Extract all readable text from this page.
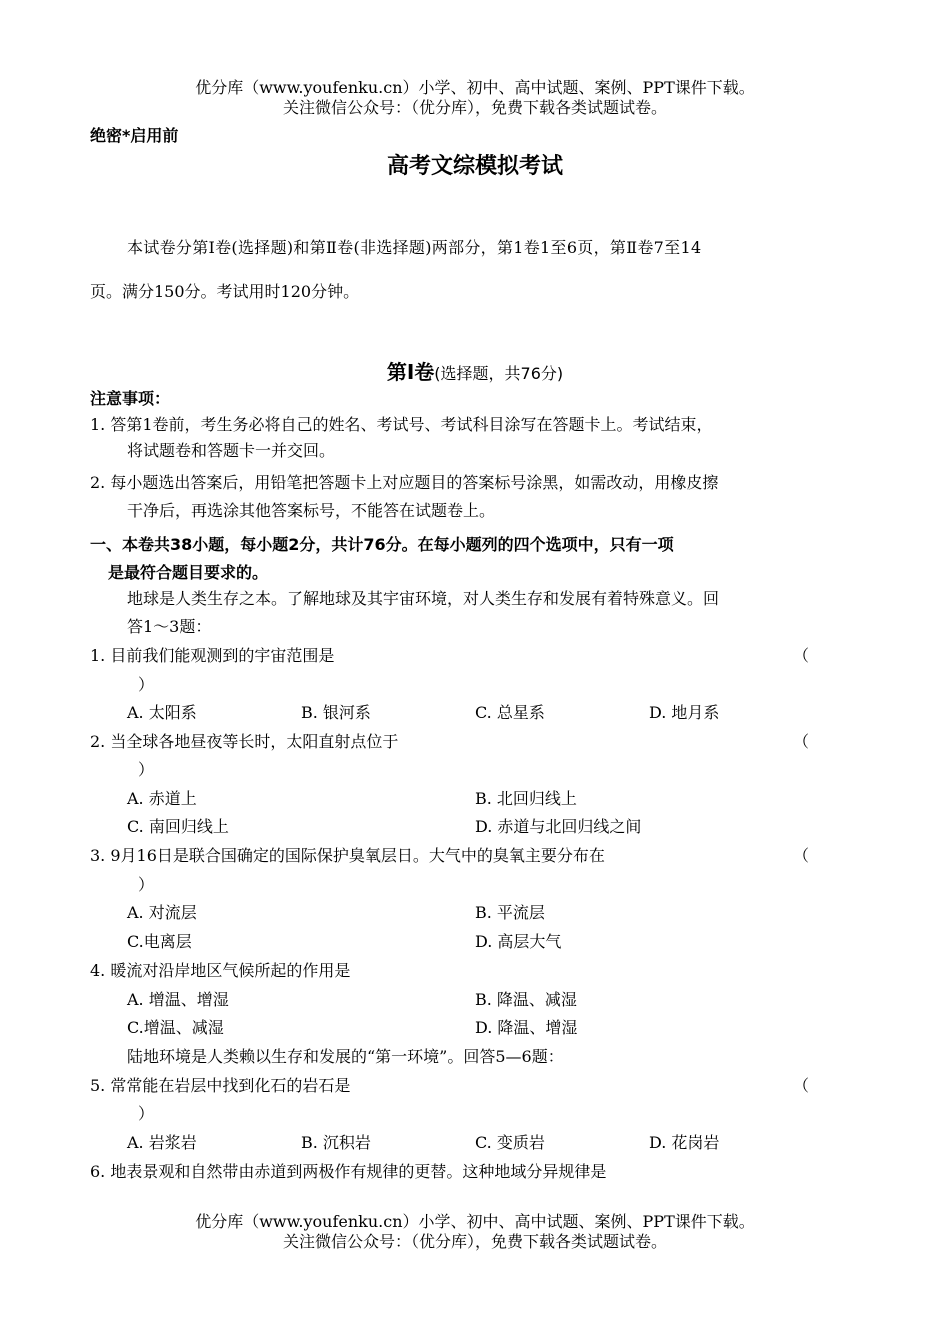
优分库（www.youfenku.cn）小学、初中、高中试题、案例、PPT课件下载。
关注微信公众号：（优分库），免费下载各类试题试卷。
绝密*启用前
高考文综模拟考试
本试卷分第Ⅰ卷(选择题)和第Ⅱ卷(非选择题)两部分，第1卷1至6页，第Ⅱ卷7至14
页。满分150分。考试用时120分钟。
第Ⅰ卷(选择题，共76分)
注意事项：
1. 答第1卷前，考生务必将自己的姓名、考试号、考试科目涂写在答题卡上。考试结束，
将试题卷和答题卡一并交回。
2. 每小题选出答案后，用铅笔把答题卡上对应题目的答案标号涂黑，如需改动，用橡皮擦
干净后，再选涂其他答案标号，不能答在试题卷上。
一、本卷共38小题，每小题2分，共计76分。在每小题列的四个选项中，只有一项
是最符合题目要求的。
地球是人类生存之本。了解地球及其宇宙环境，对人类生存和发展有着特殊意义。回
答1～3题：
1. 目前我们能观测到的宇宙范围是	（
）
A. 太阳系	B. 银河系	C. 总星系	D. 地月系
2. 当全球各地昼夜等长时，太阳直射点位于	（
）
A. 赤道上	B. 北回归线上
C. 南回归线上	D. 赤道与北回归线之间
3. 9月16日是联合国确定的国际保护臭氧层日。大气中的臭氧主要分布在	（
）
A. 对流层	B. 平流层
C.电离层	D. 高层大气
4. 暖流对沿岸地区气候所起的作用是
A. 增温、增湿	B. 降温、减湿
C.增温、减湿	D. 降温、增湿
陆地环境是人类赖以生存和发展的“第一环境”。回答5—6题：
5. 常常能在岩层中找到化石的岩石是	（
）
A. 岩浆岩	B. 沉积岩	C. 变质岩	D. 花岗岩
6. 地表景观和自然带由赤道到两极作有规律的更替。这种地域分异规律是
优分库（www.youfenku.cn）小学、初中、高中试题、案例、PPT课件下载。
关注微信公众号：（优分库），免费下载各类试题试卷。
